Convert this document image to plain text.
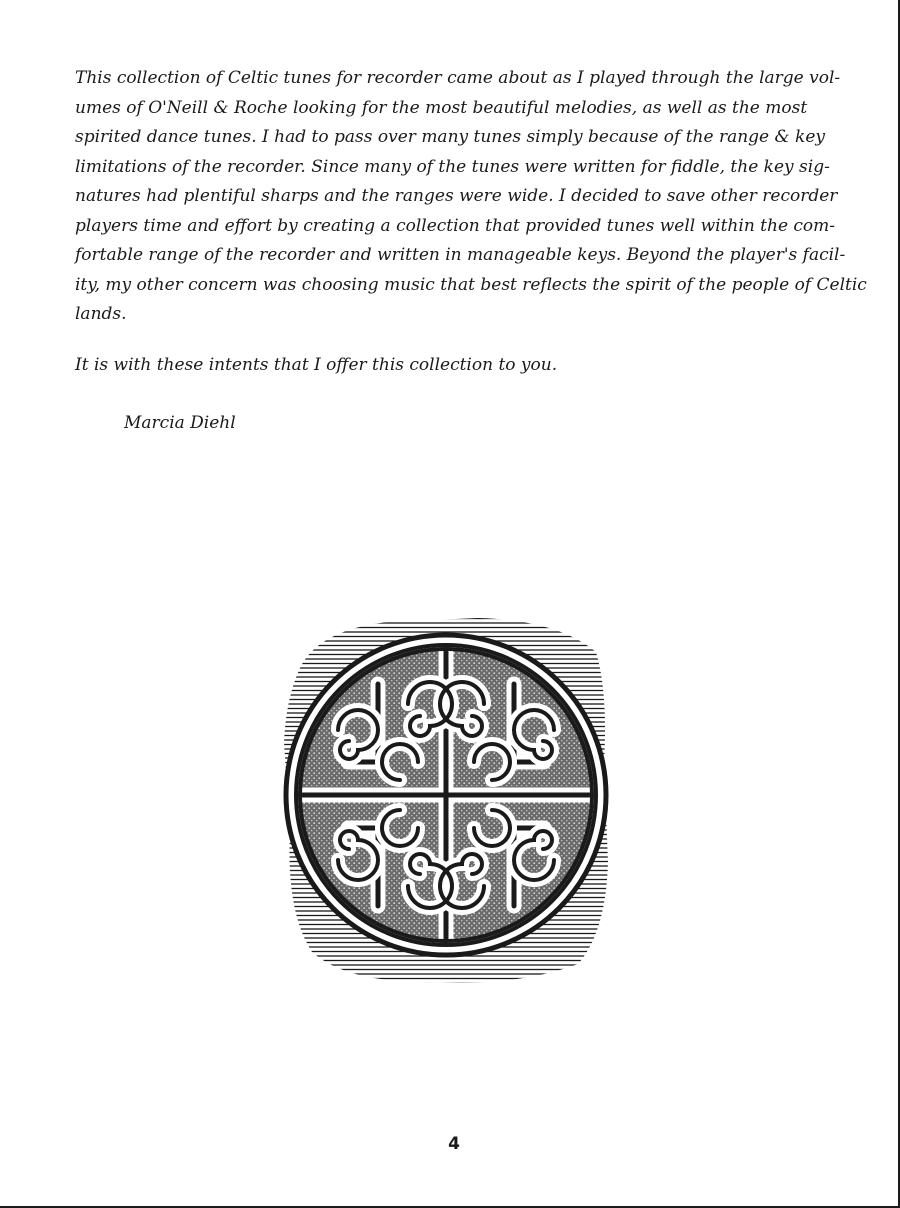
This collection of Celtic tunes for recorder came about as I played through the large vol-
umes of O'Neill & Roche looking for the most beautiful melodies, as well as the most
spirited dance tunes. I had to pass over many tunes simply because of the range & key
limitations of the recorder. Since many of the tunes were written for fiddle, the key sig-
natures had plentiful sharps and the ranges were wide. I decided to save other recorder
players time and effort by creating a collection that provided tunes well within the com-
fortable range of the recorder and written in manageable keys. Beyond the player's facil-
ity, my other concern was choosing music that best reflects the spirit of the people of Celtic
lands.

It is with these intents that I offer this collection to you.

Marcia Diehl

4
